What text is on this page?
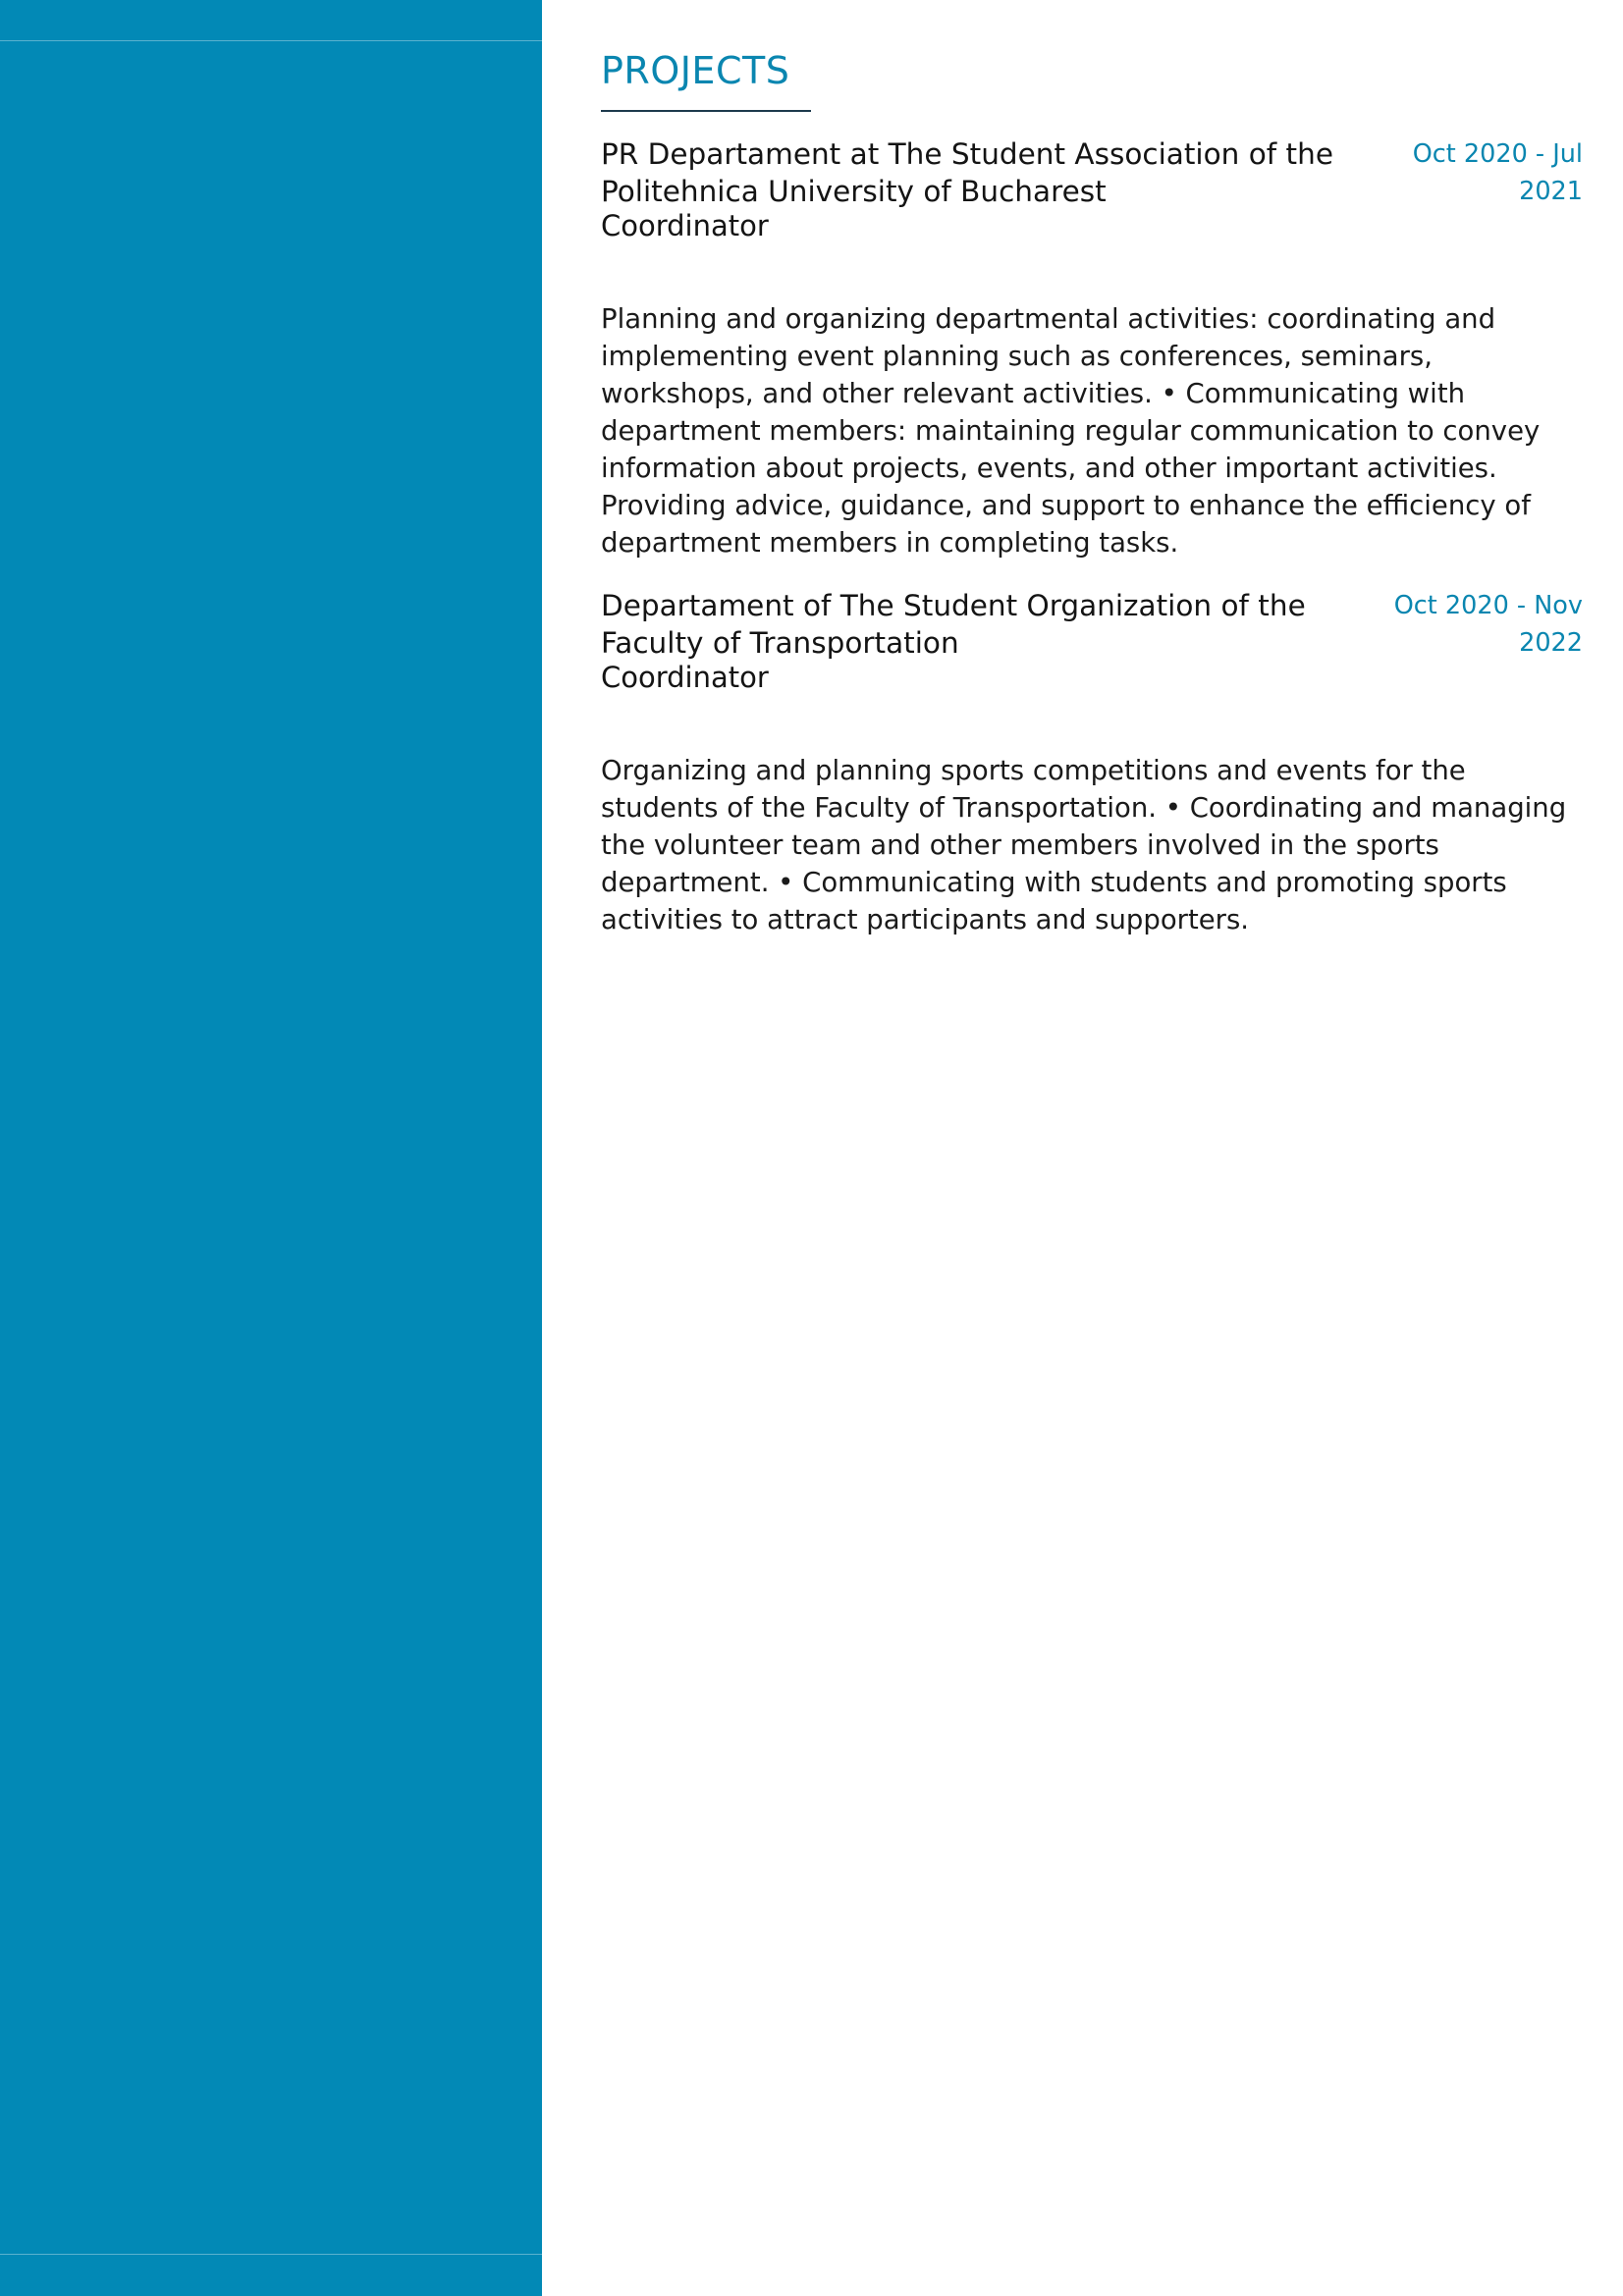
PROJECTS
PR Departament at The Student Association of the Politehnica University of Bucharest
Oct 2020 - Jul 2021
Coordinator
Planning and organizing departmental activities: coordinating and implementing event planning such as conferences, seminars, workshops, and other relevant activities. • Communicating with department members: maintaining regular communication to convey information about projects, events, and other important activities. Providing advice, guidance, and support to enhance the efficiency of department members in completing tasks.
Departament of The Student Organization of the Faculty of Transportation
Oct 2020 - Nov 2022
Coordinator
Organizing and planning sports competitions and events for the students of the Faculty of Transportation. • Coordinating and managing the volunteer team and other members involved in the sports department. • Communicating with students and promoting sports activities to attract participants and supporters.
